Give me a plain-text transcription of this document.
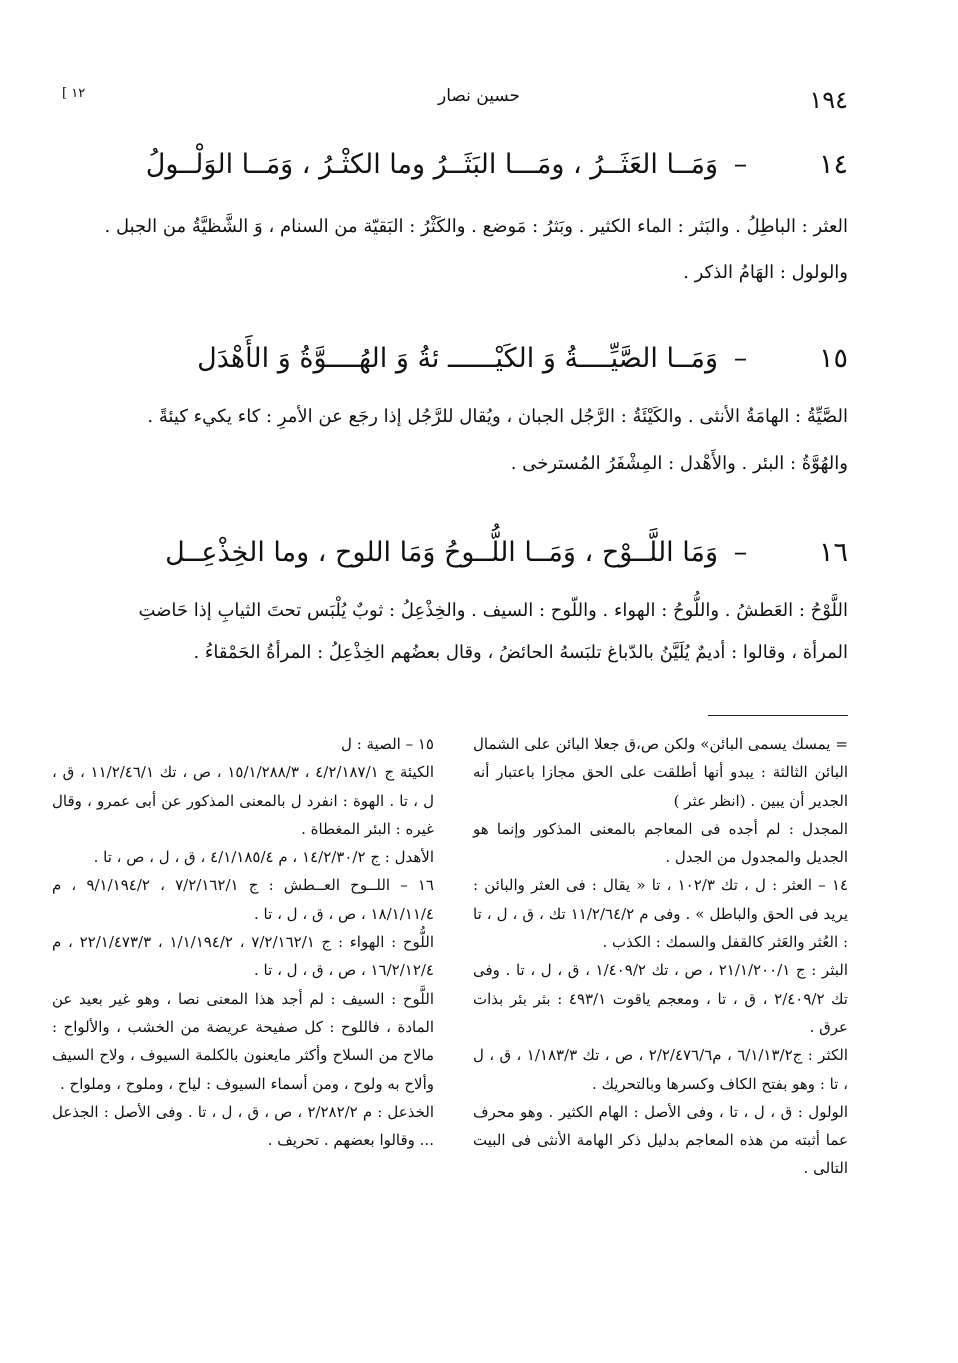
١٩٤
حسين نصار
[ ١٢
١٤
–
وَمَــا العَثَــرُ ، ومَـــا البَثَــرُ وما الكثْـرُ ، وَمَــا الوَلْــولُ
العثر : الباطِلُ . والبَثر : الماء الكثير . وبَثرُ : مَوضع . والكَثْرُ : البَقيّة من السنام ، وَ الشَّظيَّةُ من الجبل .
والولول : الهَامُ الذكر .
١٥
–
وَمَــا الصَّيِّــــةُ وَ الكَيْــــــ ئةُ وَ الهُــــوَّةُ وَ الأَهْدَل
الصَّيِّةُ : الهامَةُ الأنثى . والكَيْئَةُ : الرَّجُل الجبان ، ويُقال للرَّجُل إذا رجَع عن الأمرِ : كاء يكيء كيئةً .
والهُوَّةُ : البئر . والأَهْدل : المِشْفَرُ المُسترخى .
١٦
–
وَمَا اللَّــوْح ، وَمَــا اللُّــوحُ وَمَا اللوح ، وما الخِذْعِــل
اللَّوْحُ : العَطشُ . واللُّوحُ : الهواء . واللّوح : السيف . والخِذْعِلُ : ثوبٌ يُلْبَس تحتَ الثيابِ إذا حَاضتِ
المرأة ، وقالوا : أديمٌ يُلَيَّنُ بالدّباغ تلبَسهُ الحائضُ ، وقال بعضُهم الخِذْعِلُ : المرأةُ الحَمْقاءُ .

= يمسك يسمى البائن» ولكن ص،ق جعلا البائن على الشمال البائن الثالثة : يبدو أنها أطلقت على الحق مجازا باعتبار أنه الجدير أن يبين . (انظر عثر )

المجدل : لم أجده فى المعاجم بالمعنى المذكور وإنما هو الجديل والمجدول من الجدل .

١٤ – العثر : ل ، تك ١٠٢/٣ ، تا « يقال : فى العثر والبائن : يريد فى الحق والباطل » . وفى م ١١/٢/٦٤/٢ تك ، ق ، ل ، تا : العُثر والعَثر كالقفل والسمك : الكذب .

البثر : ج ٢١/١/٢٠٠/١ ، ص ، تك ١/٤٠٩/٢ ، ق ، ل ، تا . وفى تك ٢/٤٠٩/٢ ، ق ، تا ، ومعجم ياقوت ٤٩٣/١ : بثر بئر بذات عرق .

الكثر : ج٦/١/١٣/٢ ، م٢/٢/٤٧٦/٦ ، ص ، تك ١/١٨٣/٣ ، ق ، ل ، تا : وهو بفتح الكاف وكسرها وبالتحريك .

الولول : ق ، ل ، تا ، وفى الأصل : الهام الكثير . وهو محرف عما أثبته من هذه المعاجم بدليل ذكر الهامة الأنثى فى البيت التالى .

١٥ – الصية : ل

الكيئة ج ٤/٢/١٨٧/١ ، ١٥/١/٢٨٨/٣ ، ص ، تك ١١/٢/٤٦/١ ، ق ، ل ، تا . الهوة : انفرد ل بالمعنى المذكور عن أبى عمرو ، وقال غيره : البئر المغطاة .

الأهدل : ج ١٤/٢/٣٠/٢ ، م ٤/١/١٨٥/٤ ، ق ، ل ، ص ، تا .

١٦ – اللــوح العــطش : ج ٧/٢/١٦٢/١ ، ٩/١/١٩٤/٢ ، م ١٨/١/١١/٤ ، ص ، ق ، ل ، تا .

اللُّوح : الهواء : ج ٧/٢/١٦٢/١ ، ١/١/١٩٤/٢ ، ٢٢/١/٤٧٣/٣ ، م ١٦/٢/١٢/٤ ، ص ، ق ، ل ، تا .

اللَّوح : السيف : لم أجد هذا المعنى نصا ، وهو غير بعيد عن المادة ، فاللوح : كل صفيحة عريضة من الخشب ، والألواح : مالاح من السلاح وأكثر مايعنون بالكلمة السيوف ، ولاح السيف وألاح به ولوح ، ومن أسماء السيوف : لياح ، وملوح ، وملواح .

الخذعل : م ٢/٢٨٢/٢ ، ص ، ق ، ل ، تا . وفى الأصل : الجذعل ... وقالوا بعضهم . تحريف .
